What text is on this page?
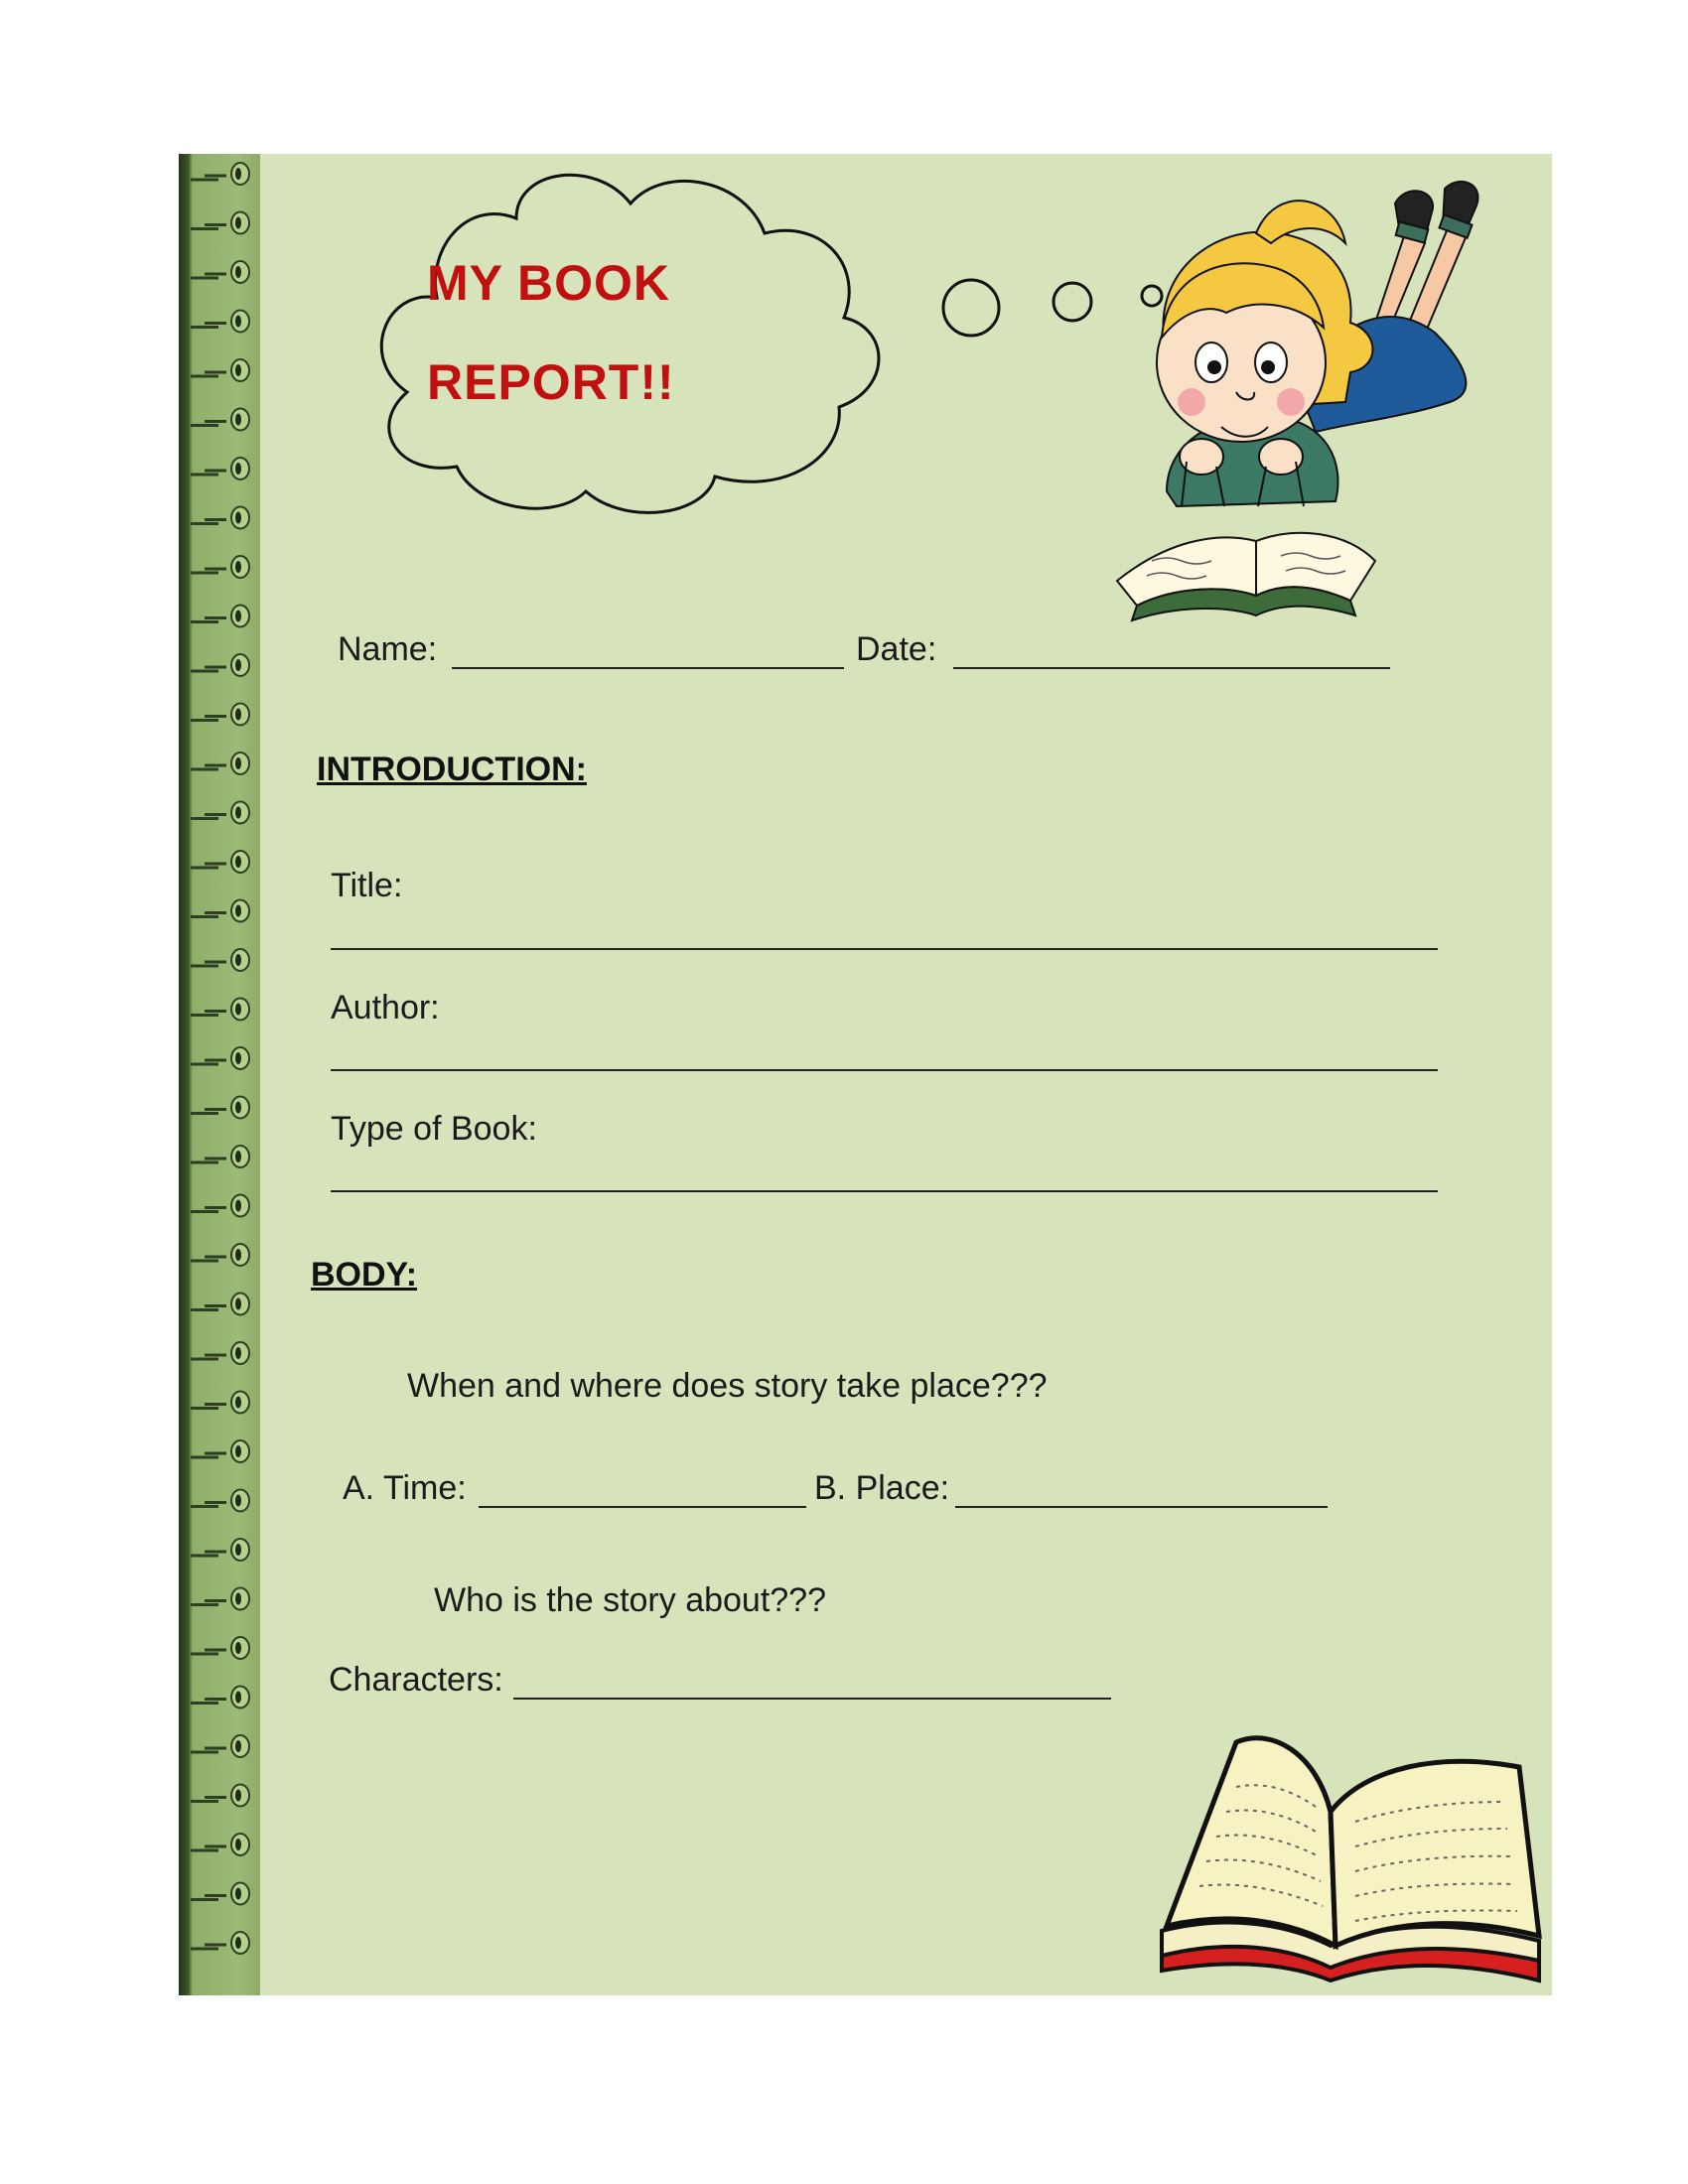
MY BOOK
REPORT!!

Name:	Date:

INTRODUCTION:

Title:

Author:

Type of Book:

BODY:

When and where does story take place???

A. Time:	B. Place:

Who is the story about???

Characters:
